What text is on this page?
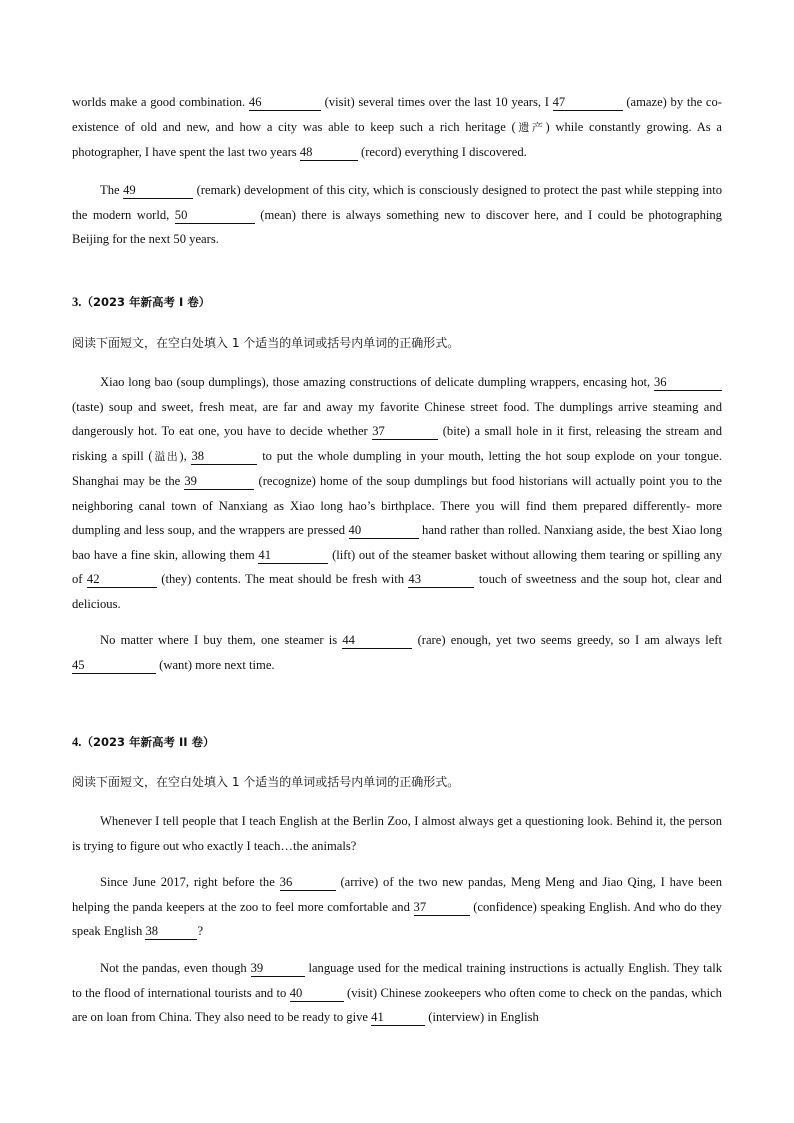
worlds make a good combination. 46	(visit) several times over the last 10 years, I 47	(amaze) by the co-existence of old and new, and how a city was able to keep such a rich heritage (遗产) while constantly growing. As a photographer, I have spent the last two years 48	(record) everything I discovered.
The 49	(remark) development of this city, which is consciously designed to protect the past while stepping into the modern world, 50	(mean) there is always something new to discover here, and I could be photographing Beijing for the next 50 years.
3.（2023 年新高考 I 卷）
阅读下面短文，在空白处填入 1 个适当的单词或括号内单词的正确形式。
Xiao long bao (soup dumplings), those amazing constructions of delicate dumpling wrappers, encasing hot, 36 (taste) soup and sweet, fresh meat, are far and away my favorite Chinese street food. The dumplings arrive steaming and dangerously hot. To eat one, you have to decide whether 37	(bite) a small hole in it first, releasing the stream and risking a spill (溢出), 38	to put the whole dumpling in your mouth, letting the hot soup explode on your tongue. Shanghai may be the 39	(recognize) home of the soup dumplings but food historians will actually point you to the neighboring canal town of Nanxiang as Xiao long hao’s birthplace. There you will find them prepared differently- more dumpling and less soup, and the wrappers are pressed 40	hand rather than rolled. Nanxiang aside, the best Xiao long bao have a fine skin, allowing them 41	(lift) out of the steamer basket without allowing them tearing or spilling any of 42	(they) contents. The meat should be fresh with 43	touch of sweetness and the soup hot, clear and delicious.
No matter where I buy them, one steamer is 44	(rare) enough, yet two seems greedy, so I am always left 45	(want) more next time.
4.（2023 年新高考 II 卷）
阅读下面短文，在空白处填入 1 个适当的单词或括号内单词的正确形式。
Whenever I tell people that I teach English at the Berlin Zoo, I almost always get a questioning look. Behind it, the person is trying to figure out who exactly I teach…the animals?
Since June 2017, right before the 36	(arrive) of the two new pandas, Meng Meng and Jiao Qing, I have been helping the panda keepers at the zoo to feel more comfortable and 37	(confidence) speaking English. And who do they speak English 38	?
Not the pandas, even though 39	language used for the medical training instructions is actually English. They talk to the flood of international tourists and to 40	(visit) Chinese zookeepers who often come to check on the pandas, which are on loan from China. They also need to be ready to give 41	(interview) in English
